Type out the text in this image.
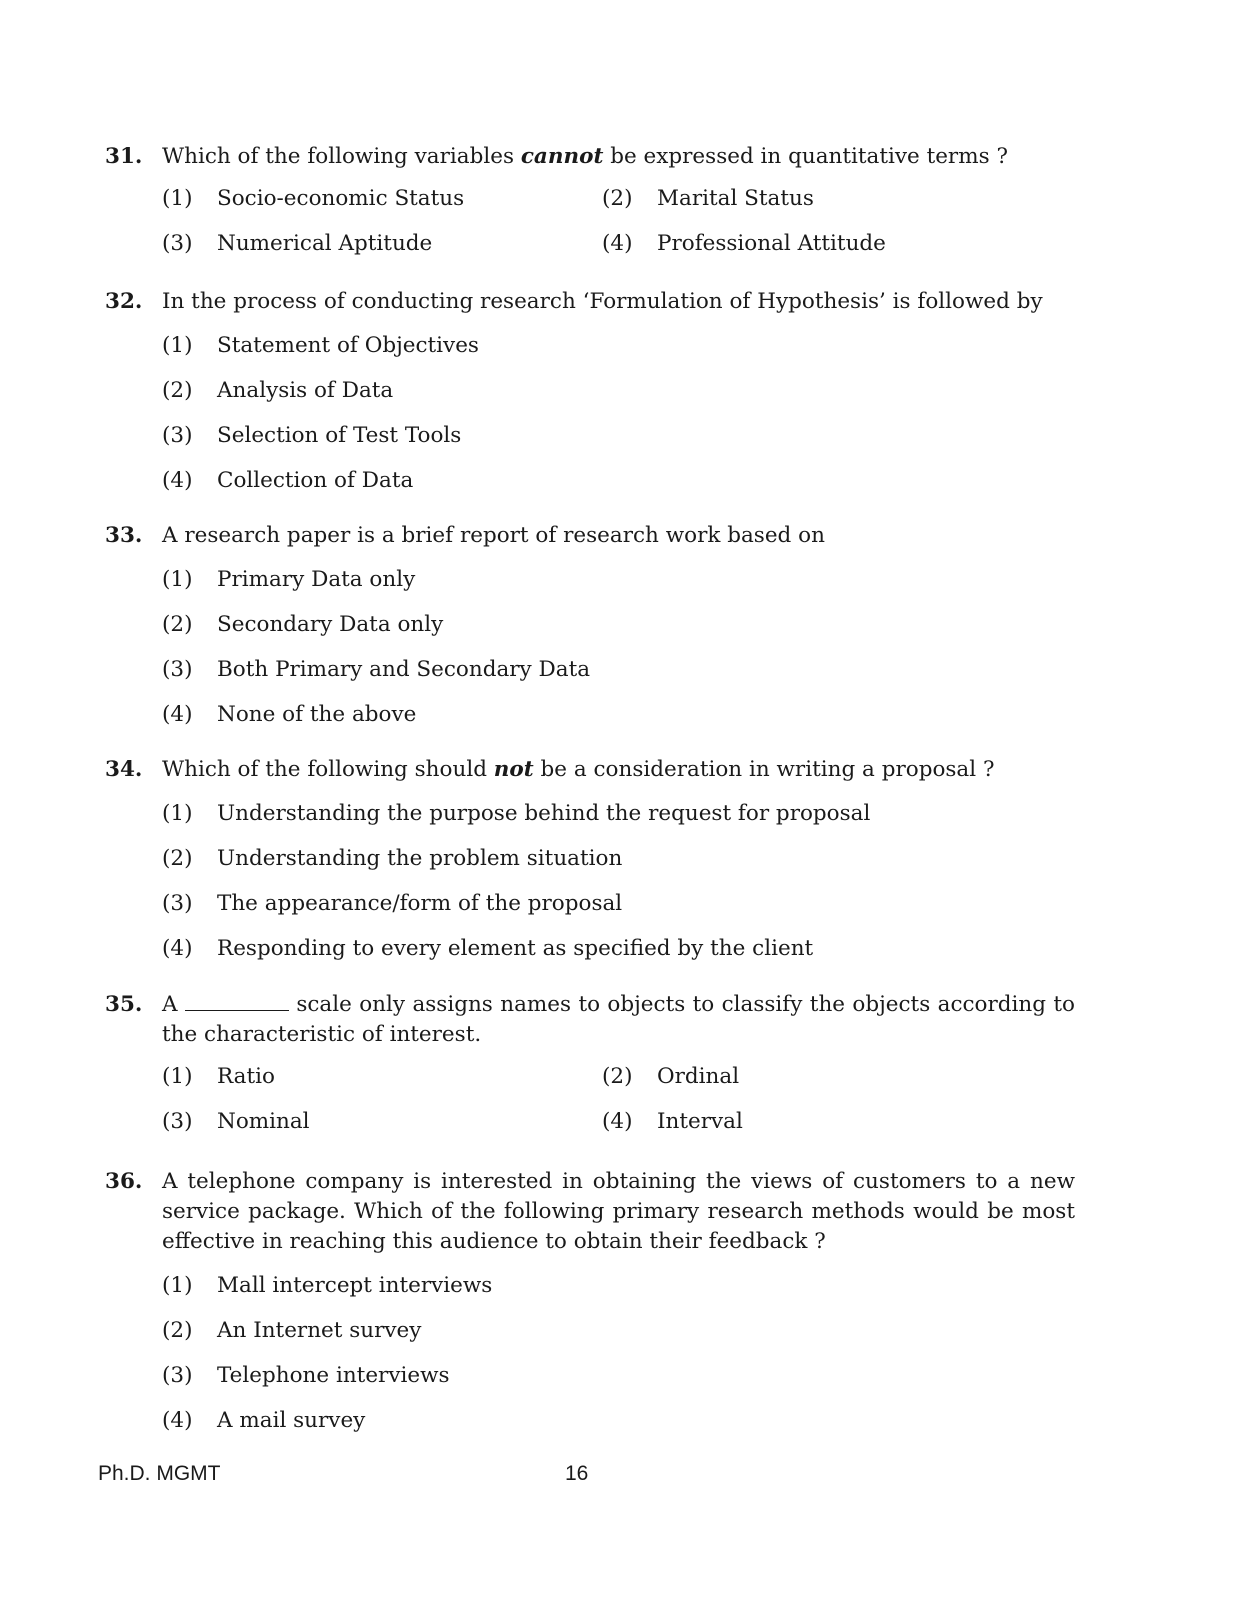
31. Which of the following variables cannot be expressed in quantitative terms ?
(1)	Socio-economic Status	(2)	Marital Status
(3)	Numerical Aptitude	(4)	Professional Attitude
32. In the process of conducting research ‘Formulation of Hypothesis’ is followed by
(1)	Statement of Objectives
(2)	Analysis of Data
(3)	Selection of Test Tools
(4)	Collection of Data
33. A research paper is a brief report of research work based on
(1)	Primary Data only
(2)	Secondary Data only
(3)	Both Primary and Secondary Data
(4)	None of the above
34. Which of the following should not be a consideration in writing a proposal ?
(1)	Understanding the purpose behind the request for proposal
(2)	Understanding the problem situation
(3)	The appearance/form of the proposal
(4)	Responding to every element as specified by the client
35. A	scale only assigns names to objects to classify the objects according to the characteristic of interest.
(1)	Ratio	(2)	Ordinal
(3)	Nominal	(4)	Interval
36. A telephone company is interested in obtaining the views of customers to a new service package. Which of the following primary research methods would be most effective in reaching this audience to obtain their feedback ?
(1)	Mall intercept interviews
(2)	An Internet survey
(3)	Telephone interviews
(4)	A mail survey
Ph.D. MGMT	16
